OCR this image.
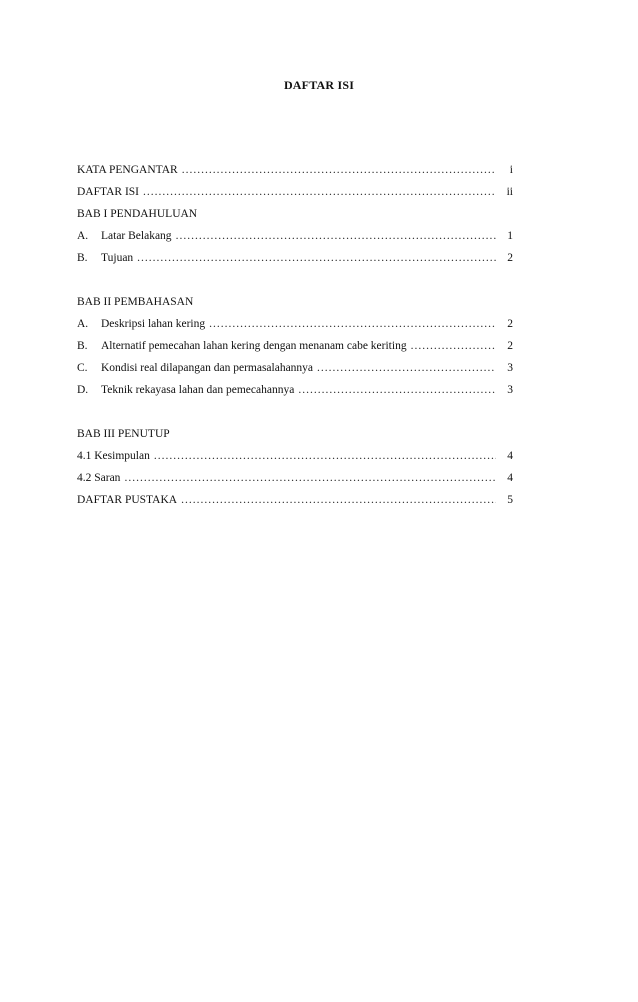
DAFTAR ISI
KATA PENGANTAR .....	i
DAFTAR ISI .....	ii
BAB I PENDAHULUAN
A.	Latar Belakang .....	1
B.	Tujuan .....	2
BAB II PEMBAHASAN
A.	Deskripsi lahan kering .....	2
B.	Alternatif pemecahan lahan kering dengan menanam cabe keriting .....	2
C.	Kondisi real dilapangan dan permasalahannya .....	3
D.	Teknik rekayasa lahan dan pemecahannya .....	3
BAB III PENUTUP
4.1 Kesimpulan .....	4
4.2 Saran .....	4
DAFTAR PUSTAKA .....	5
